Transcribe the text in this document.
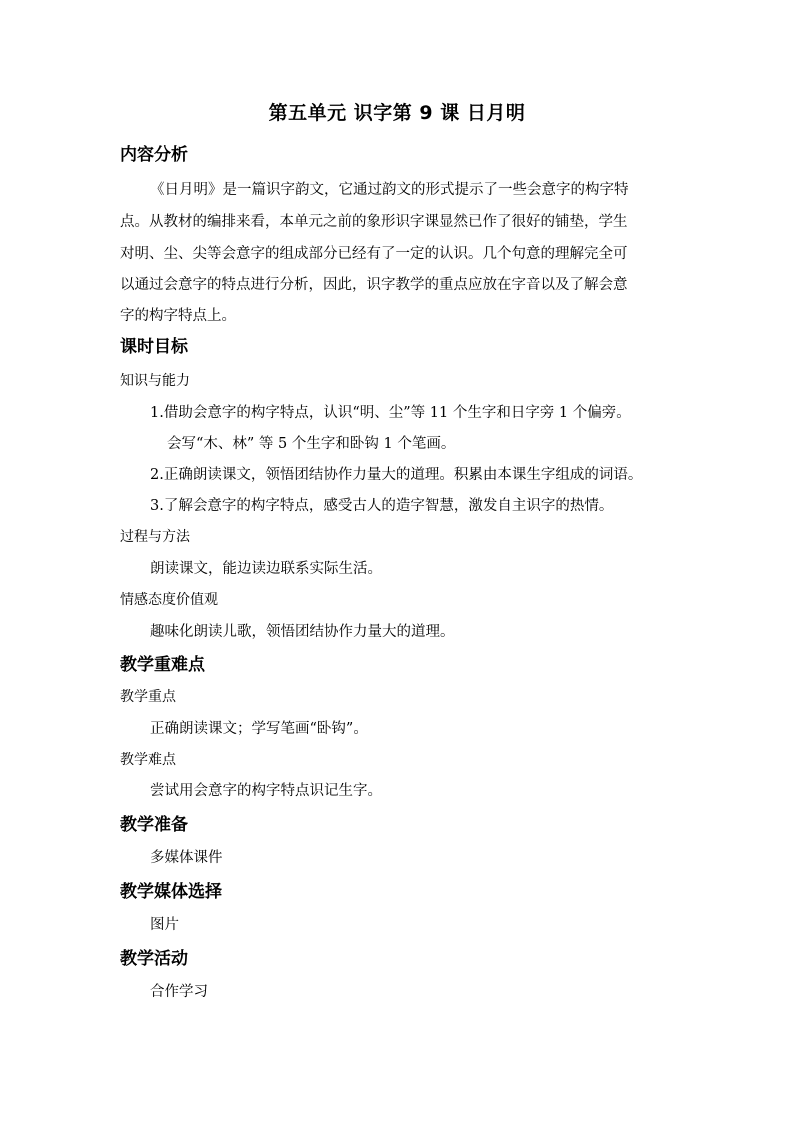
第五单元 识字第 9 课 日月明
内容分析
《日月明》是一篇识字韵文，它通过韵文的形式提示了一些会意字的构字特
点。从教材的编排来看，本单元之前的象形识字课显然已作了很好的铺垫，学生
对明、尘、尖等会意字的组成部分已经有了一定的认识。几个句意的理解完全可
以通过会意字的特点进行分析，因此，识字教学的重点应放在字音以及了解会意
字的构字特点上。
课时目标
知识与能力
1.借助会意字的构字特点，认识“明、尘”等 11 个生字和日字旁 1 个偏旁。
会写“木、林” 等 5 个生字和卧钩 1 个笔画。
2.正确朗读课文，领悟团结协作力量大的道理。积累由本课生字组成的词语。
3.了解会意字的构字特点，感受古人的造字智慧，激发自主识字的热情。
过程与方法
朗读课文，能边读边联系实际生活。
情感态度价值观
趣味化朗读儿歌，领悟团结协作力量大的道理。
教学重难点
教学重点
正确朗读课文；学写笔画“卧钩”。
教学难点
尝试用会意字的构字特点识记生字。
教学准备
多媒体课件
教学媒体选择
图片
教学活动
合作学习
